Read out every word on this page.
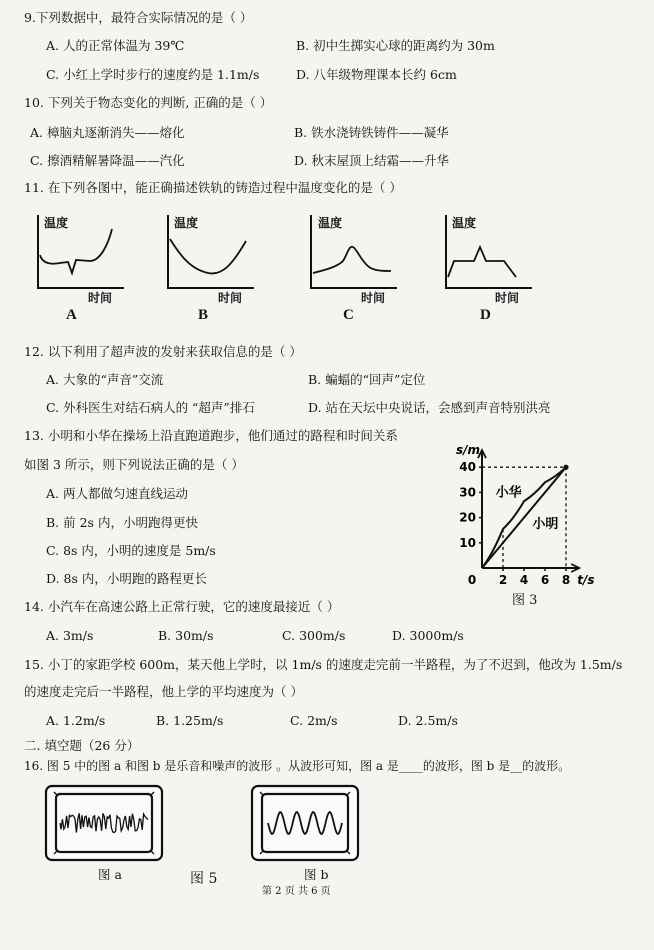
9.下列数据中，最符合实际情况的是（ ）
A. 人的正常体温为 39℃	B. 初中生掷实心球的距离约为 30m
C. 小红上学时步行的速度约是 1.1m/s	D. 八年级物理课本长约 6cm
10. 下列关于物态变化的判断, 正确的是（ ）
A. 樟脑丸逐渐消失——熔化	B. 铁水浇铸铁铸件——凝华
C. 擦酒精解暑降温——汽化	D. 秋末屋顶上结霜——升华
11. 在下列各图中，能正确描述铁轨的铸造过程中温度变化的是（ ）
温度
时间
A
温度
时间
B
温度
时间
C
温度
时间
D
12. 以下利用了超声波的发射来获取信息的是（ ）
A. 大象的“声音”交流	B. 蝙蝠的“回声”定位
C. 外科医生对结石病人的 “超声”排石	D. 站在天坛中央说话，会感到声音特别洪亮
13. 小明和小华在操场上沿直跑道跑步，他们通过的路程和时间关系
如图 3 所示，则下列说法正确的是（ ）
A. 两人都做匀速直线运动
B. 前 2s 内，小明跑得更快
C. 8s 内，小明的速度是 5m/s
D. 8s 内，小明跑的路程更长
s/m
t/s
10
20
30
40
0 2 4 6 8
小华
小明
图 3
14. 小汽车在高速公路上正常行驶，它的速度最接近（ ）
A. 3m/s	B. 30m/s	C. 300m/s	D. 3000m/s
15. 小丁的家距学校 600m，某天他上学时，以 1m/s 的速度走完前一半路程，为了不迟到，他改为 1.5m/s
的速度走完后一半路程，他上学的平均速度为（ ）
A. 1.2m/s	B. 1.25m/s	C. 2m/s	D. 2.5m/s
二. 填空题（26 分）
16. 图 5 中的图 a 和图 b 是乐音和噪声的波形 。从波形可知，图 a 是____的波形，图 b 是__的波形。
图 a	图 5	图 b
第 2 页 共 6 页
